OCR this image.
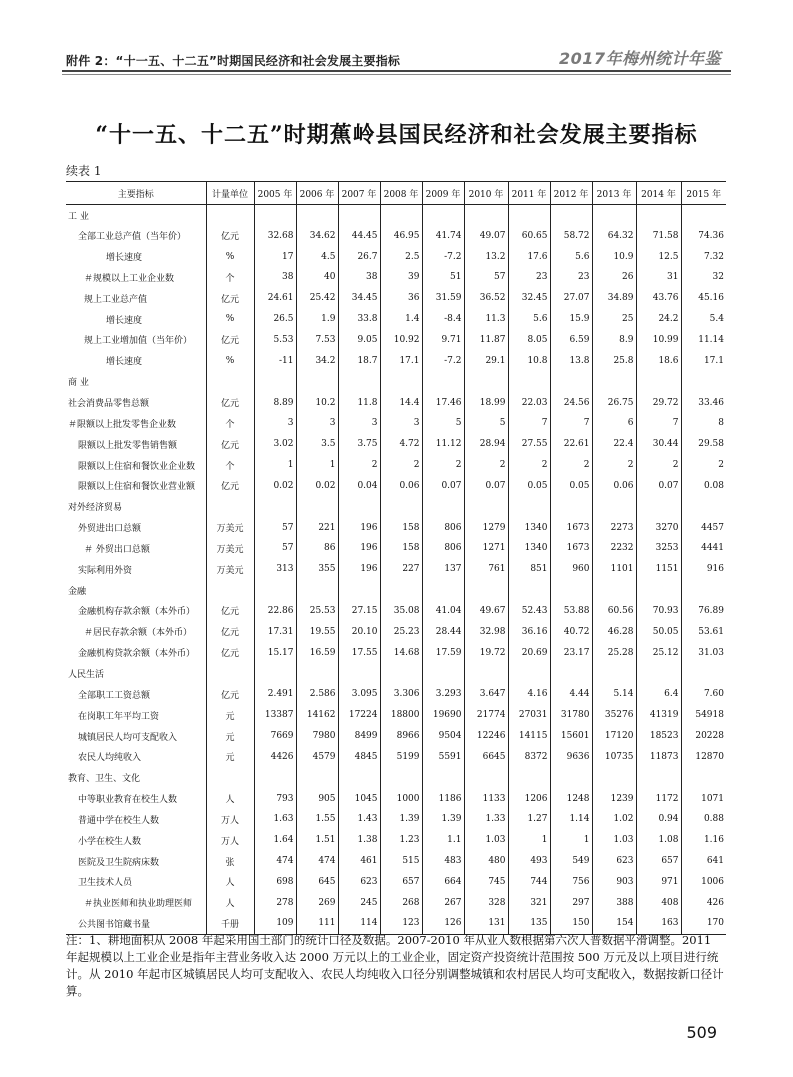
附件 2：“十一五、十二五”时期国民经济和社会发展主要指标	2017年梅州统计年鉴
“十一五、十二五”时期蕉岭县国民经济和社会发展主要指标
续表 1
主要指标	计量单位	2005 年	2006 年	2007 年	2008 年	2009 年	2010 年	2011 年	2012 年	2013 年	2014 年	2015 年
工 业												
全部工业总产值（当年价）	亿元	32.68	34.62	44.45	46.95	41.74	49.07	60.65	58.72	64.32	71.58	74.36
增长速度	%	17	4.5	26.7	2.5	-7.2	13.2	17.6	5.6	10.9	12.5	7.32
＃规模以上工业企业数	个	38	40	38	39	51	57	23	23	26	31	32
规上工业总产值	亿元	24.61	25.42	34.45	36	31.59	36.52	32.45	27.07	34.89	43.76	45.16
增长速度	%	26.5	1.9	33.8	1.4	-8.4	11.3	5.6	15.9	25	24.2	5.4
规上工业增加值（当年价）	亿元	5.53	7.53	9.05	10.92	9.71	11.87	8.05	6.59	8.9	10.99	11.14
增长速度	%	-11	34.2	18.7	17.1	-7.2	29.1	10.8	13.8	25.8	18.6	17.1
商 业												
社会消费品零售总额	亿元	8.89	10.2	11.8	14.4	17.46	18.99	22.03	24.56	26.75	29.72	33.46
＃限额以上批发零售企业数	个	3	3	3	3	5	5	7	7	6	7	8
限额以上批发零售销售额	亿元	3.02	3.5	3.75	4.72	11.12	28.94	27.55	22.61	22.4	30.44	29.58
限额以上住宿和餐饮业企业数	个	1	1	2	2	2	2	2	2	2	2	2
限额以上住宿和餐饮业营业额	亿元	0.02	0.02	0.04	0.06	0.07	0.07	0.05	0.05	0.06	0.07	0.08
对外经济贸易												
外贸进出口总额	万美元	57	221	196	158	806	1279	1340	1673	2273	3270	4457
＃ 外贸出口总额	万美元	57	86	196	158	806	1271	1340	1673	2232	3253	4441
实际利用外资	万美元	313	355	196	227	137	761	851	960	1101	1151	916
金融												
金融机构存款余额（本外币）	亿元	22.86	25.53	27.15	35.08	41.04	49.67	52.43	53.88	60.56	70.93	76.89
＃居民存款余额（本外币）	亿元	17.31	19.55	20.10	25.23	28.44	32.98	36.16	40.72	46.28	50.05	53.61
金融机构贷款余额（本外币）	亿元	15.17	16.59	17.55	14.68	17.59	19.72	20.69	23.17	25.28	25.12	31.03
人民生活												
全部职工工资总额	亿元	2.491	2.586	3.095	3.306	3.293	3.647	4.16	4.44	5.14	6.4	7.60
在岗职工年平均工资	元	13387	14162	17224	18800	19690	21774	27031	31780	35276	41319	54918
城镇居民人均可支配收入	元	7669	7980	8499	8966	9504	12246	14115	15601	17120	18523	20228
农民人均纯收入	元	4426	4579	4845	5199	5591	6645	8372	9636	10735	11873	12870
教育、卫生、文化												
中等职业教育在校生人数	人	793	905	1045	1000	1186	1133	1206	1248	1239	1172	1071
普通中学在校生人数	万人	1.63	1.55	1.43	1.39	1.39	1.33	1.27	1.14	1.02	0.94	0.88
小学在校生人数	万人	1.64	1.51	1.38	1.23	1.1	1.03	1	1	1.03	1.08	1.16
医院及卫生院病床数	张	474	474	461	515	483	480	493	549	623	657	641
卫生技术人员	人	698	645	623	657	664	745	744	756	903	971	1006
＃执业医师和执业助理医师	人	278	269	245	268	267	328	321	297	388	408	426
公共图书馆藏书量	千册	109	111	114	123	126	131	135	150	154	163	170

注：1、耕地面积从 2008 年起采用国土部门的统计口径及数据。2007-2010 年从业人数根据第六次人普数据平滑调整。2011 年起规模以上工业企业是指年主营业务收入达 2000 万元以上的工业企业，固定资产投资统计范围按 500 万元及以上项目进行统计。从 2010 年起市区城镇居民人均可支配收入、农民人均纯收入口径分别调整城镇和农村居民人均可支配收入，数据按新口径计算。

509
